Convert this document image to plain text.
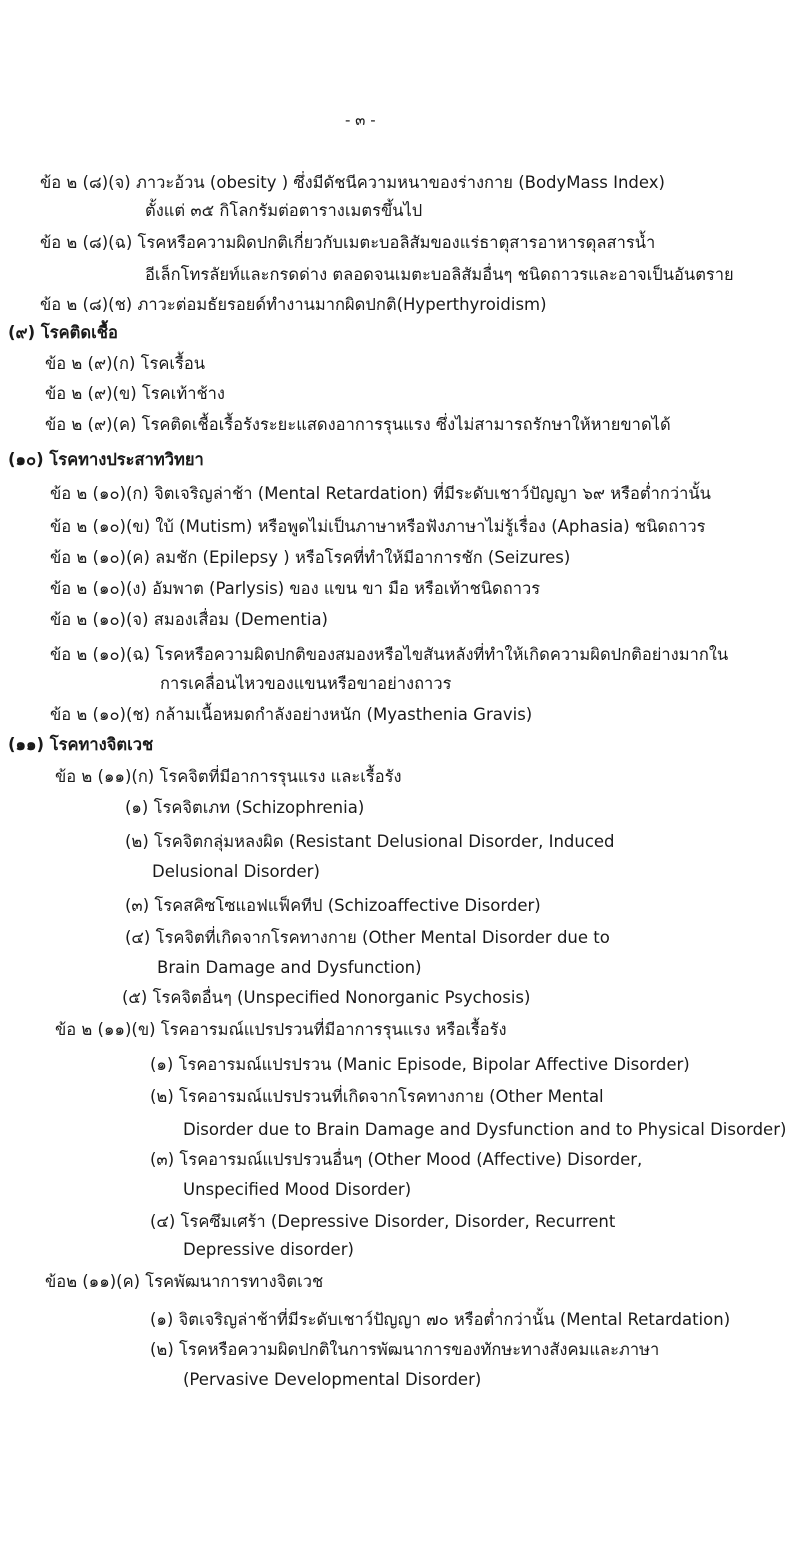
- ๓ -
ข้อ ๒ (๘)(จ) ภาวะอ้วน (obesity ) ซึ่งมีดัชนีความหนาของร่างกาย (BodyMass Index)
ตั้งแต่ ๓๕ กิโลกรัมต่อตารางเมตรขึ้นไป
ข้อ ๒ (๘)(ฉ) โรคหรือความผิดปกติเกี่ยวกับเมตะบอลิสัมของแร่ธาตุสารอาหารดุลสารน้ำ
อีเล็กโทรลัยท์และกรดด่าง ตลอดจนเมตะบอลิสัมอื่นๆ ชนิดถาวรและอาจเป็นอันตราย
ข้อ ๒ (๘)(ช) ภาวะต่อมธัยรอยด์ทำงานมากผิดปกติ(Hyperthyroidism)
(๙) โรคติดเชื้อ
ข้อ ๒ (๙)(ก) โรคเรื้อน
ข้อ ๒ (๙)(ข) โรคเท้าช้าง
ข้อ ๒ (๙)(ค) โรคติดเชื้อเรื้อรังระยะแสดงอาการรุนแรง ซึ่งไม่สามารถรักษาให้หายขาดได้
(๑๐) โรคทางประสาทวิทยา
ข้อ ๒ (๑๐)(ก) จิตเจริญล่าช้า (Mental Retardation) ที่มีระดับเชาว์ปัญญา ๖๙ หรือต่ำกว่านั้น
ข้อ ๒ (๑๐)(ข) ใบ้ (Mutism) หรือพูดไม่เป็นภาษาหรือฟังภาษาไม่รู้เรื่อง (Aphasia) ชนิดถาวร
ข้อ ๒ (๑๐)(ค) ลมชัก (Epilepsy ) หรือโรคที่ทำให้มีอาการชัก (Seizures)
ข้อ ๒ (๑๐)(ง) อัมพาต (Parlysis) ของ แขน ขา มือ หรือเท้าชนิดถาวร
ข้อ ๒ (๑๐)(จ) สมองเสื่อม (Dementia)
ข้อ ๒ (๑๐)(ฉ) โรคหรือความผิดปกติของสมองหรือไขสันหลังที่ทำให้เกิดความผิดปกติอย่างมากใน
การเคลื่อนไหวของแขนหรือขาอย่างถาวร
ข้อ ๒ (๑๐)(ช) กล้ามเนื้อหมดกำลังอย่างหนัก (Myasthenia Gravis)
(๑๑) โรคทางจิตเวช
ข้อ ๒ (๑๑)(ก) โรคจิตที่มีอาการรุนแรง และเรื้อรัง
(๑) โรคจิตเภท (Schizophrenia)
(๒) โรคจิตกลุ่มหลงผิด (Resistant Delusional Disorder, Induced
Delusional Disorder)
(๓) โรคสคิซโซแอฟแฟ็คทีป (Schizoaffective Disorder)
(๔) โรคจิตที่เกิดจากโรคทางกาย (Other Mental Disorder due to
Brain Damage and Dysfunction)
(๕) โรคจิตอื่นๆ (Unspecified Nonorganic Psychosis)
ข้อ ๒ (๑๑)(ข) โรคอารมณ์แปรปรวนที่มีอาการรุนแรง หรือเรื้อรัง
(๑) โรคอารมณ์แปรปรวน (Manic Episode, Bipolar Affective Disorder)
(๒) โรคอารมณ์แปรปรวนที่เกิดจากโรคทางกาย (Other Mental
Disorder due to Brain Damage and Dysfunction and to Physical Disorder)
(๓) โรคอารมณ์แปรปรวนอื่นๆ (Other Mood (Affective) Disorder,
Unspecified Mood Disorder)
(๔) โรคซึมเศร้า (Depressive Disorder, Disorder, Recurrent
Depressive disorder)
ข้อ๒ (๑๑)(ค) โรคพัฒนาการทางจิตเวช
(๑) จิตเจริญล่าช้าที่มีระดับเชาว์ปัญญา ๗๐ หรือต่ำกว่านั้น (Mental Retardation)
(๒) โรคหรือความผิดปกติในการพัฒนาการของทักษะทางสังคมและภาษา
(Pervasive Developmental Disorder)
